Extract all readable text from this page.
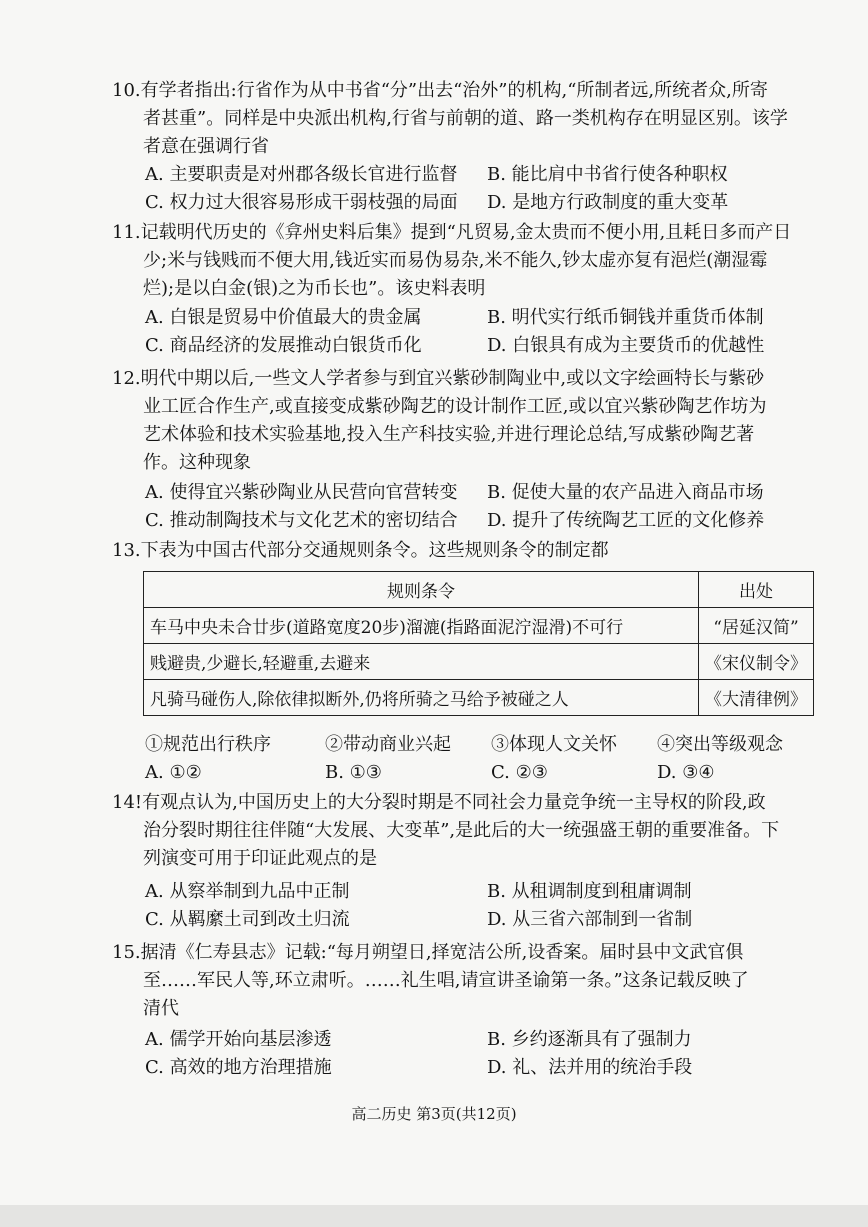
10.有学者指出:行省作为从中书省“分”出去“治外”的机构,“所制者远,所统者众,所寄
者甚重”。同样是中央派出机构,行省与前朝的道、路一类机构存在明显区别。该学
者意在强调行省
A. 主要职责是对州郡各级长官进行监督 B. 能比肩中书省行使各种职权
C. 权力过大很容易形成干弱枝强的局面 D. 是地方行政制度的重大变革
11.记载明代历史的《弇州史料后集》提到“凡贸易,金太贵而不便小用,且耗日多而产日
少;米与钱贱而不便大用,钱近实而易伪易杂,米不能久,钞太虚亦复有浥烂(潮湿霉
烂);是以白金(银)之为币长也”。该史料表明
A. 白银是贸易中价值最大的贵金属	B. 明代实行纸币铜钱并重货币体制
C. 商品经济的发展推动白银货币化	D. 白银具有成为主要货币的优越性
12.明代中期以后,一些文人学者参与到宜兴紫砂制陶业中,或以文字绘画特长与紫砂
业工匠合作生产,或直接变成紫砂陶艺的设计制作工匠,或以宜兴紫砂陶艺作坊为
艺术体验和技术实验基地,投入生产科技实验,并进行理论总结,写成紫砂陶艺著
作。这种现象
A. 使得宜兴紫砂陶业从民营向官营转变 B. 促使大量的农产品进入商品市场
C. 推动制陶技术与文化艺术的密切结合 D. 提升了传统陶艺工匠的文化修养
13.下表为中国古代部分交通规则条令。这些规则条令的制定都
规则条令	出处
车马中央未合廿步(道路宽度20步)溜漉(指路面泥泞湿滑)不可行	“居延汉简”
贱避贵,少避长,轻避重,去避来	《宋仪制令》
凡骑马碰伤人,除依律拟断外,仍将所骑之马给予被碰之人	《大清律例》
①规范出行秩序	②带动商业兴起 ③体现人文关怀 ④突出等级观念
A. ①②	B. ①③	C. ②③	D. ③④
14!有观点认为,中国历史上的大分裂时期是不同社会力量竞争统一主导权的阶段,政
治分裂时期往往伴随“大发展、大变革”,是此后的大一统强盛王朝的重要准备。下
列演变可用于印证此观点的是
A. 从察举制到九品中正制	B. 从租调制度到租庸调制
C. 从羁縻土司到改土归流	D. 从三省六部制到一省制
15.据清《仁寿县志》记载:“每月朔望日,择宽洁公所,设香案。届时县中文武官俱
至……军民人等,环立肃听。……礼生唱,请宣讲圣谕第一条。”这条记载反映了
清代
A. 儒学开始向基层渗透	B. 乡约逐渐具有了强制力
C. 高效的地方治理措施	D. 礼、法并用的统治手段
高二历史 第3页(共12页)
